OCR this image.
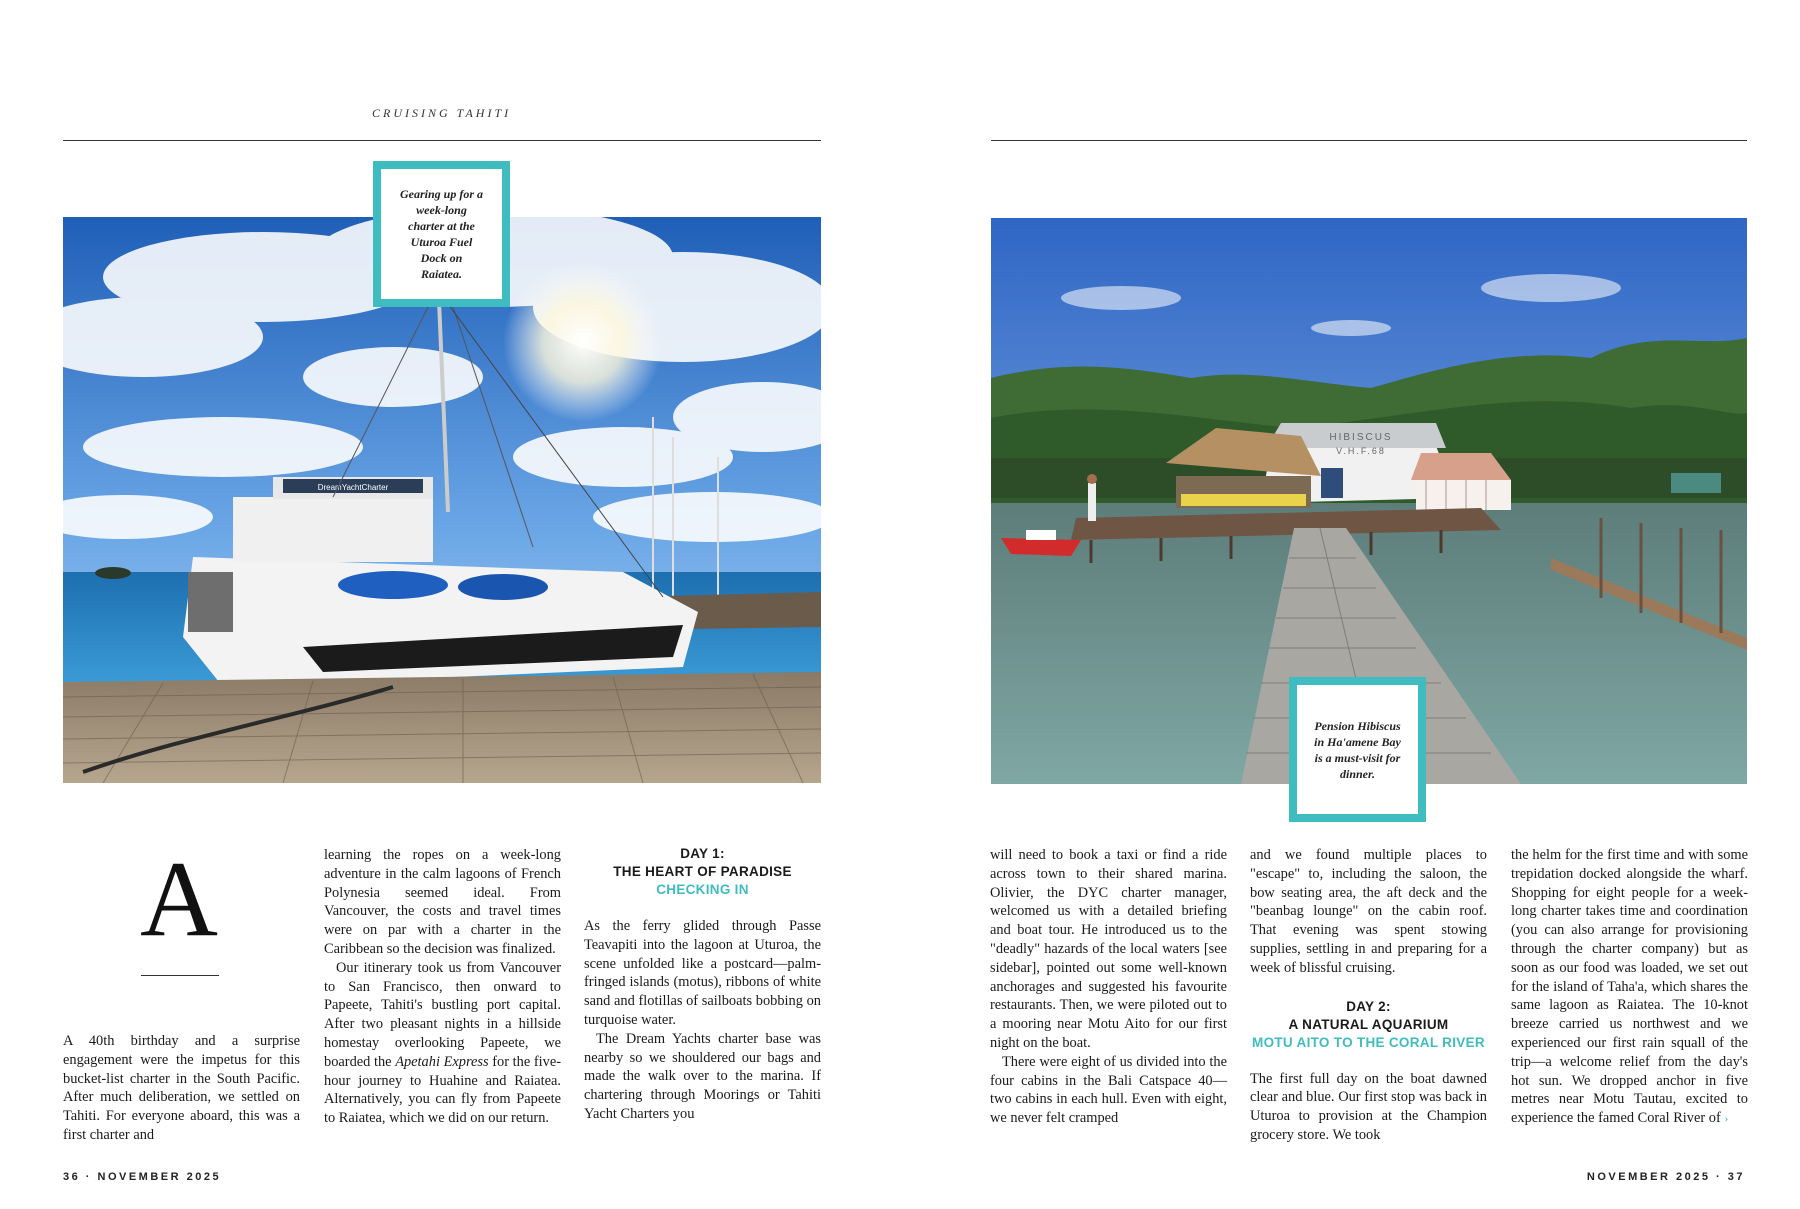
CRUISING TAHITI
DreamYachtCharter
HIBISCUS
V.H.F.68
Gearing up for a week-long charter at the Uturoa Fuel Dock on Raiatea.
Pension Hibiscus in Ha'amene Bay is a must-visit for dinner.
A

A 40th birthday and a surprise engagement were the impetus for this bucket-list charter in the South Pacific. After much deliberation, we settled on Tahiti. For everyone aboard, this was a first charter and

learning the ropes on a week-long adventure in the calm lagoons of French Polynesia seemed ideal. From Vancouver, the costs and travel times were on par with a charter in the Caribbean so the decision was finalized.

Our itinerary took us from Vancouver to San Francisco, then onward to Papeete, Tahiti's bustling port capital. After two pleasant nights in a hillside homestay overlooking Papeete, we boarded the Apetahi Express for the five-hour journey to Huahine and Raiatea. Alternatively, you can fly from Papeete to Raiatea, which we did on our return.

DAY 1:
THE HEART OF PARADISE
CHECKING IN

As the ferry glided through Passe Teavapiti into the lagoon at Uturoa, the scene unfolded like a postcard—palm-fringed islands (motus), ribbons of white sand and flotillas of sailboats bobbing on turquoise water.

The Dream Yachts charter base was nearby so we shouldered our bags and made the walk over to the marina. If chartering through Moorings or Tahiti Yacht Charters you

will need to book a taxi or find a ride across town to their shared marina. Olivier, the DYC charter manager, welcomed us with a detailed briefing and boat tour. He introduced us to the "deadly" hazards of the local waters [see sidebar], pointed out some well-known anchorages and suggested his favourite restaurants. Then, we were piloted out to a mooring near Motu Aito for our first night on the boat.

There were eight of us divided into the four cabins in the Bali Catspace 40—two cabins in each hull. Even with eight, we never felt cramped

and we found multiple places to "escape" to, including the saloon, the bow seating area, the aft deck and the "beanbag lounge" on the cabin roof. That evening was spent stowing supplies, settling in and preparing for a week of blissful cruising.

DAY 2:
A NATURAL AQUARIUM
MOTU AITO TO THE CORAL RIVER

The first full day on the boat dawned clear and blue. Our first stop was back in Uturoa to provision at the Champion grocery store. We took

the helm for the first time and with some trepidation docked alongside the wharf. Shopping for eight people for a week-long charter takes time and coordination (you can also arrange for provisioning through the charter company) but as soon as our food was loaded, we set out for the island of Taha'a, which shares the same lagoon as Raiatea. The 10-knot breeze carried us northwest and we experienced our first rain squall of the trip—a welcome relief from the day's hot sun. We dropped anchor in five metres near Motu Tautau, excited to experience the famed Coral River of ›

36 · NOVEMBER 2025	NOVEMBER 2025 · 37
